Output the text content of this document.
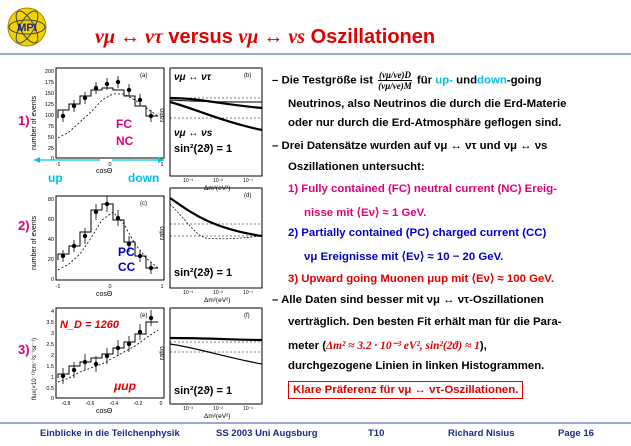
MPI	νμ ↔ ντ versus νμ ↔ νs Oszillationen
1)
2)
3)
number of events
200
175
150
125
100
75
50
25
0
(a)
FC
NC
-1	0	1
cosΘ
up	down
ratio
(b)
νμ ↔ ντ
νμ ↔ νs
sin²(2ϑ) = 1
10⁻³	10⁻²	10⁻¹
Δm²(eV²)
number of events
80
60
40
20
0
(c)
PC
CC
-1	0	1
cosΘ
ratio
(d)
sin²(2ϑ) = 1
10⁻³	10⁻²	10⁻¹
Δm²(eV²)
flux(×10⁻¹³cm⁻²s⁻¹sr⁻¹)
4
3.5
3
2.5
2
1.5
1
0.5
0
(e)
N_D = 1260
μup
-0.8	-0.6	-0.4	-0.2	0
cosΘ
ratio
(f)
sin²(2ϑ) = 1
10⁻³	10⁻²	10⁻¹
Δm²(eV²)
– Die Testgröße ist $\frac{(\nu\mu/\nu e)D}{(\nu\mu/\nu e)M}$ für up- unddown-going
Neutrinos, also Neutrinos die durch die Erd-Materie
oder nur durch die Erd-Atmosphäre geflogen sind.
– Drei Datensätze wurden auf νμ ↔ ντ und νμ ↔ νs
Oszillationen untersucht:
1) Fully contained (FC) neutral current (NC) Ereig-
nisse mit ⟨Eν⟩ ≈ 1 GeV.
2) Partially contained (PC) charged current (CC)
νμ Ereignisse mit ⟨Eν⟩ ≈ 10 − 20 GeV.
3) Upward going Muonen μup mit ⟨Eν⟩ ≈ 100 GeV.
– Alle Daten sind besser mit νμ ↔ ντ-Oszillationen
verträglich. Den besten Fit erhält man für die Para-
meter (Δm² ≈ 3.2 · 10⁻³ eV², sin²(2ϑ) ≈ 1),
durchgezogene Linien in linken Histogrammen.
Klare Präferenz für νμ ↔ ντ-Oszillationen.
Einblicke in die Teilchenphysik	SS 2003 Uni Augsburg	T10	Richard Nisius	Page 16
